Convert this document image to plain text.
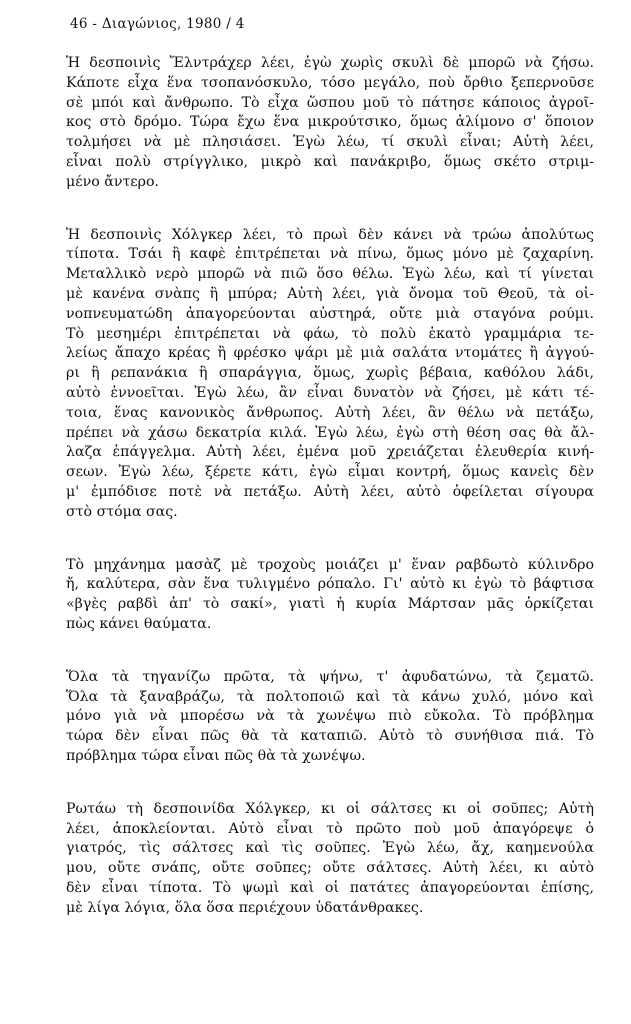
46 - Διαγώνιος, 1980 / 4
Ἡ δεσποινὶς Ἔλντράχερ λέει, ἐγὼ χωρὶς σκυλὶ δὲ μπορῶ νὰ ζήσω.
Κάποτε εἶχα ἕνα τσοπανόσκυλο, τόσο μεγάλο, ποὺ ὄρθιο ξεπερνοῦσε
σὲ μπόι καὶ ἄνθρωπο. Τὸ εἶχα ὥσπου μοῦ τὸ πάτησε κάποιος ἀγροῖ-
κος στὸ δρόμο. Τώρα ἔχω ἕνα μικρούτσικο, ὅμως ἀλίμονο σ' ὅποιον
τολμήσει νὰ μὲ πλησιάσει. Ἐγὼ λέω, τί σκυλὶ εἶναι; Αὐτὴ λέει,
εἶναι πολὺ στρίγγλικο, μικρὸ καὶ πανάκριβο, ὅμως σκέτο στριμ-
μένο ἄντερο.
Ἡ δεσποινὶς Χόλγκερ λέει, τὸ πρωὶ δὲν κάνει νὰ τρώω ἀπολύτως
τίποτα. Τσάι ἢ καφὲ ἐπιτρέπεται νὰ πίνω, ὅμως μόνο μὲ ζαχαρίνη.
Μεταλλικὸ νερὸ μπορῶ νὰ πιῶ ὅσο θέλω. Ἐγὼ λέω, καὶ τί γίνεται
μὲ κανένα σνὰπς ἢ μπύρα; Αὐτὴ λέει, γιὰ ὄνομα τοῦ Θεοῦ, τὰ οἰ-
νοπνευματώδη ἀπαγορεύονται αὐστηρά, οὔτε μιὰ σταγόνα ρούμι.
Τὸ μεσημέρι ἐπιτρέπεται νὰ φάω, τὸ πολὺ ἑκατὸ γραμμάρια τε-
λείως ἄπαχο κρέας ἢ φρέσκο ψάρι μὲ μιὰ σαλάτα ντομάτες ἢ ἀγγού-
ρι ἢ ρεπανάκια ἢ σπαράγγια, ὅμως, χωρὶς βέβαια, καθόλου λάδι,
αὐτὸ ἐννοεῖται. Ἐγὼ λέω, ἂν εἶναι δυνατὸν νὰ ζήσει, μὲ κάτι τέ-
τοια, ἕνας κανονικὸς ἄνθρωπος. Αὐτὴ λέει, ἂν θέλω νὰ πετάξω,
πρέπει νὰ χάσω δεκατρία κιλά. Ἐγὼ λέω, ἐγὼ στὴ θέση σας θὰ ἄλ-
λαζα ἐπάγγελμα. Αὐτὴ λέει, ἐμένα μοῦ χρειάζεται ἐλευθερία κινή-
σεων. Ἐγὼ λέω, ξέρετε κάτι, ἐγὼ εἶμαι κοντρή, ὅμως κανεὶς δὲν
μ' ἐμπόδισε ποτὲ νὰ πετάξω. Αὐτὴ λέει, αὐτὸ ὀφείλεται σίγουρα
στὸ στόμα σας.
Τὸ μηχάνημα μασὰζ μὲ τροχοὺς μοιάζει μ' ἕναν ραβδωτὸ κύλινδρο
ἤ, καλύτερα, σὰν ἕνα τυλιγμένο ρόπαλο. Γι' αὐτὸ κι ἐγὼ τὸ βάφτισα
«βγὲς ραβδὶ ἀπ' τὸ σακί», γιατὶ ἡ κυρία Μάρτσαν μᾶς ὁρκίζεται
πὼς κάνει θαύματα.
Ὅλα τὰ τηγανίζω πρῶτα, τὰ ψήνω, τ' ἀφυδατώνω, τὰ ζεματῶ.
Ὅλα τὰ ξαναβράζω, τὰ πολτοποιῶ καὶ τὰ κάνω χυλό, μόνο καὶ
μόνο γιὰ νὰ μπορέσω νὰ τὰ χωνέψω πιὸ εὔκολα. Τὸ πρόβλημα
τώρα δὲν εἶναι πῶς θὰ τὰ καταπιῶ. Αὐτὸ τὸ συνήθισα πιά. Τὸ
πρόβλημα τώρα εἶναι πῶς θὰ τὰ χωνέψω.
Ρωτάω τὴ δεσποινίδα Χόλγκερ, κι οἱ σάλτσες κι οἱ σοῦπες; Αὐτὴ
λέει, ἀποκλείονται. Αὐτὸ εἶναι τὸ πρῶτο ποὺ μοῦ ἀπαγόρεψε ὁ
γιατρός, τὶς σάλτσες καὶ τὶς σοῦπες. Ἐγὼ λέω, ἄχ, καημενούλα
μου, οὔτε σνάπς, οὔτε σοῦπες; οὔτε σάλτσες. Αὐτὴ λέει, κι αὐτὸ
δὲν εἶναι τίποτα. Τὸ ψωμὶ καὶ οἱ πατάτες ἀπαγορεύονται ἐπίσης,
μὲ λίγα λόγια, ὅλα ὅσα περιέχουν ὑδατάνθρακες.
